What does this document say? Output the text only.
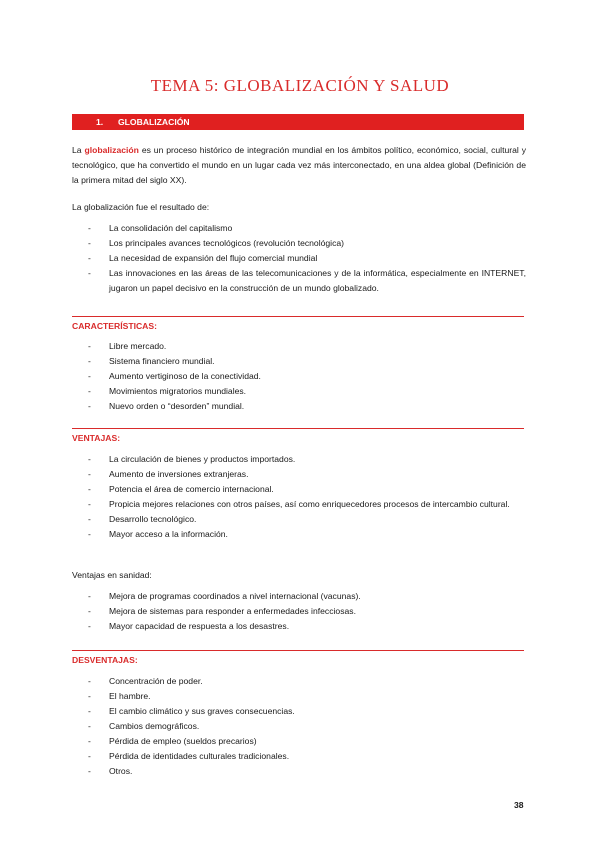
TEMA 5: GLOBALIZACIÓN Y SALUD
1. GLOBALIZACIÓN
La globalización es un proceso histórico de integración mundial en los ámbitos político, económico, social, cultural y tecnológico, que ha convertido el mundo en un lugar cada vez más interconectado, en una aldea global (Definición de la primera mitad del siglo XX).
La globalización fue el resultado de:
- La consolidación del capitalismo
- Los principales avances tecnológicos (revolución tecnológica)
- La necesidad de expansión del flujo comercial mundial
- Las innovaciones en las áreas de las telecomunicaciones y de la informática, especialmente en INTERNET, jugaron un papel decisivo en la construcción de un mundo globalizado.
CARACTERÍSTICAS:
- Libre mercado.
- Sistema financiero mundial.
- Aumento vertiginoso de la conectividad.
- Movimientos migratorios mundiales.
- Nuevo orden o “desorden” mundial.
VENTAJAS:
- La circulación de bienes y productos importados.
- Aumento de inversiones extranjeras.
- Potencia el área de comercio internacional.
- Propicia mejores relaciones con otros países, así como enriquecedores procesos de intercambio cultural.
- Desarrollo tecnológico.
- Mayor acceso a la información.
Ventajas en sanidad:
- Mejora de programas coordinados a nivel internacional (vacunas).
- Mejora de sistemas para responder a enfermedades infecciosas.
- Mayor capacidad de respuesta a los desastres.
DESVENTAJAS:
- Concentración de poder.
- El hambre.
- El cambio climático y sus graves consecuencias.
- Cambios demográficos.
- Pérdida de empleo (sueldos precarios)
- Pérdida de identidades culturales tradicionales.
- Otros.
38
